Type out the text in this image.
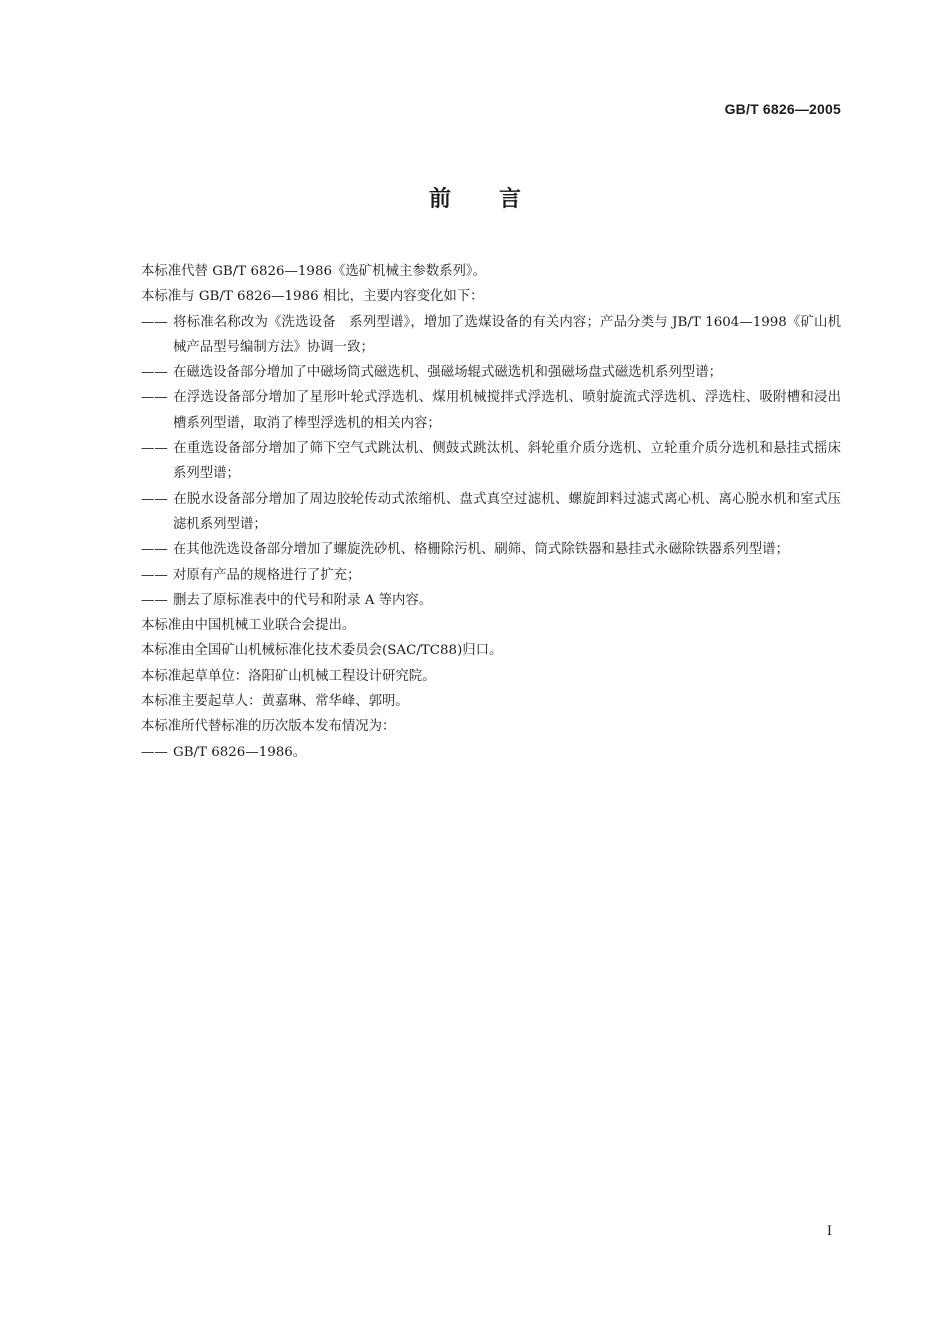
GB/T 6826—2005
前言

本标准代替 GB/T 6826—1986《选矿机械主参数系列》。

本标准与 GB/T 6826—1986 相比，主要内容变化如下：

—— 将标准名称改为《洗选设备　系列型谱》，增加了选煤设备的有关内容；产品分类与 JB/T 1604—1998《矿山机械产品型号编制方法》协调一致；

—— 在磁选设备部分增加了中磁场筒式磁选机、强磁场辊式磁选机和强磁场盘式磁选机系列型谱；

—— 在浮选设备部分增加了星形叶轮式浮选机、煤用机械搅拌式浮选机、喷射旋流式浮选机、浮选柱、吸附槽和浸出槽系列型谱，取消了棒型浮选机的相关内容；

—— 在重选设备部分增加了筛下空气式跳汰机、侧鼓式跳汰机、斜轮重介质分选机、立轮重介质分选机和悬挂式摇床系列型谱；

—— 在脱水设备部分增加了周边胶轮传动式浓缩机、盘式真空过滤机、螺旋卸料过滤式离心机、离心脱水机和室式压滤机系列型谱；

—— 在其他洗选设备部分增加了螺旋洗砂机、格栅除污机、刷筛、筒式除铁器和悬挂式永磁除铁器系列型谱；

—— 对原有产品的规格进行了扩充；

—— 删去了原标准表中的代号和附录 A 等内容。

本标准由中国机械工业联合会提出。

本标准由全国矿山机械标准化技术委员会(SAC/TC88)归口。

本标准起草单位：洛阳矿山机械工程设计研究院。

本标准主要起草人：黄嘉琳、常华峰、郭明。

本标准所代替标准的历次版本发布情况为：

—— GB/T 6826—1986。

I
